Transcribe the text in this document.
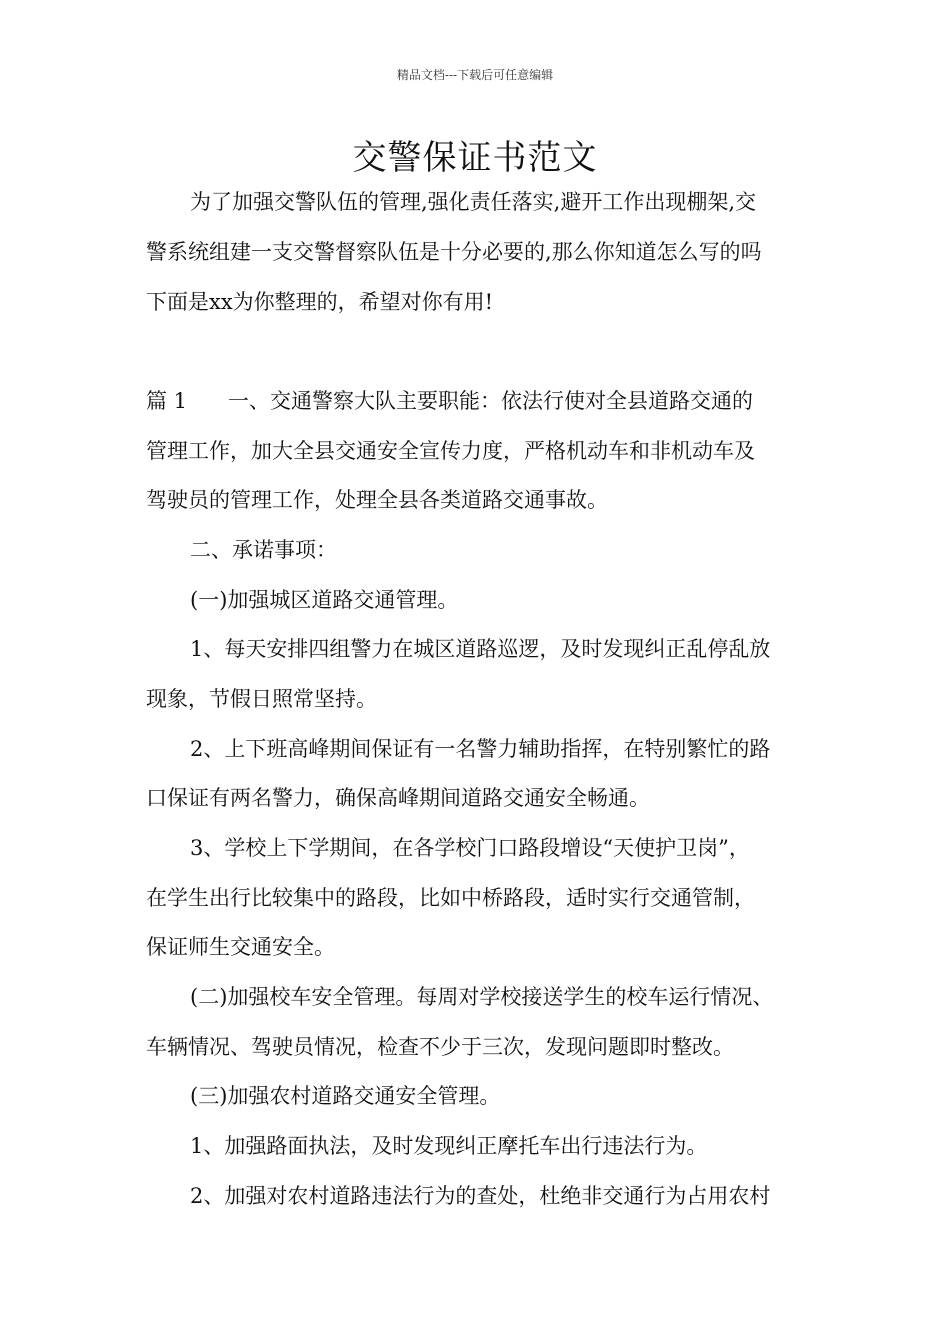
精品文档---下载后可任意编辑
交警保证书范文
为了加强交警队伍的管理,强化责任落实,避开工作出现棚架,交
警系统组建一支交警督察队伍是十分必要的,那么你知道怎么写的吗
下面是xx为你整理的，希望对你有用!
篇 1 一、交通警察大队主要职能：依法行使对全县道路交通的
管理工作，加大全县交通安全宣传力度，严格机动车和非机动车及
驾驶员的管理工作，处理全县各类道路交通事故。
二、承诺事项：
(一)加强城区道路交通管理。
1、每天安排四组警力在城区道路巡逻，及时发现纠正乱停乱放
现象，节假日照常坚持。
2、上下班高峰期间保证有一名警力辅助指挥，在特别繁忙的路
口保证有两名警力，确保高峰期间道路交通安全畅通。
3、学校上下学期间，在各学校门口路段增设“天使护卫岗”，
在学生出行比较集中的路段，比如中桥路段，适时实行交通管制，
保证师生交通安全。
(二)加强校车安全管理。每周对学校接送学生的校车运行情况、
车辆情况、驾驶员情况，检查不少于三次，发现问题即时整改。
(三)加强农村道路交通安全管理。
1、加强路面执法，及时发现纠正摩托车出行违法行为。
2、加强对农村道路违法行为的查处，杜绝非交通行为占用农村
